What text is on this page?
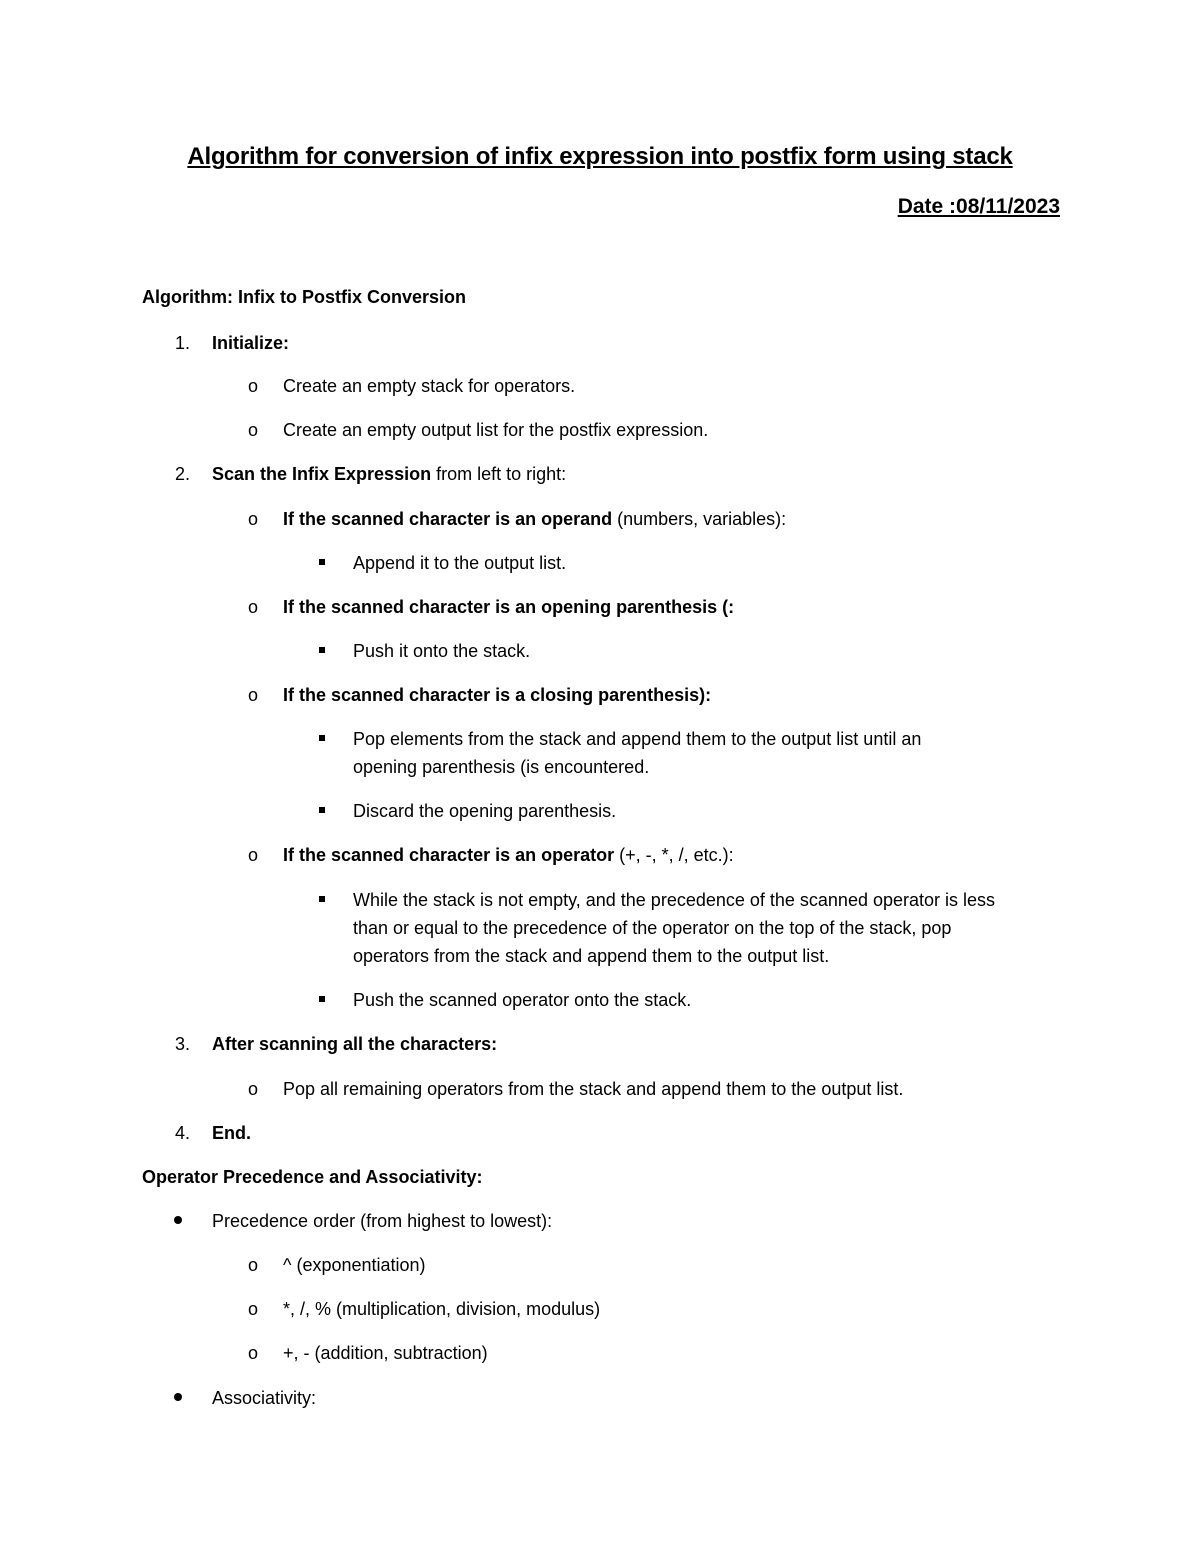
Algorithm for conversion of infix expression into postfix form using stack
Date :08/11/2023
Algorithm: Infix to Postfix Conversion
1. Initialize:
o Create an empty stack for operators.
o Create an empty output list for the postfix expression.
2. Scan the Infix Expression from left to right:
o If the scanned character is an operand (numbers, variables):
Append it to the output list.
o If the scanned character is an opening parenthesis (:
Push it onto the stack.
o If the scanned character is a closing parenthesis):
Pop elements from the stack and append them to the output list until an
opening parenthesis (is encountered.
Discard the opening parenthesis.
o If the scanned character is an operator (+, -, *, /, etc.):
While the stack is not empty, and the precedence of the scanned operator is less
than or equal to the precedence of the operator on the top of the stack, pop
operators from the stack and append them to the output list.
Push the scanned operator onto the stack.
3. After scanning all the characters:
o Pop all remaining operators from the stack and append them to the output list.
4. End.
Operator Precedence and Associativity:
Precedence order (from highest to lowest):
o ^ (exponentiation)
o *, /, % (multiplication, division, modulus)
o +, - (addition, subtraction)
Associativity:
